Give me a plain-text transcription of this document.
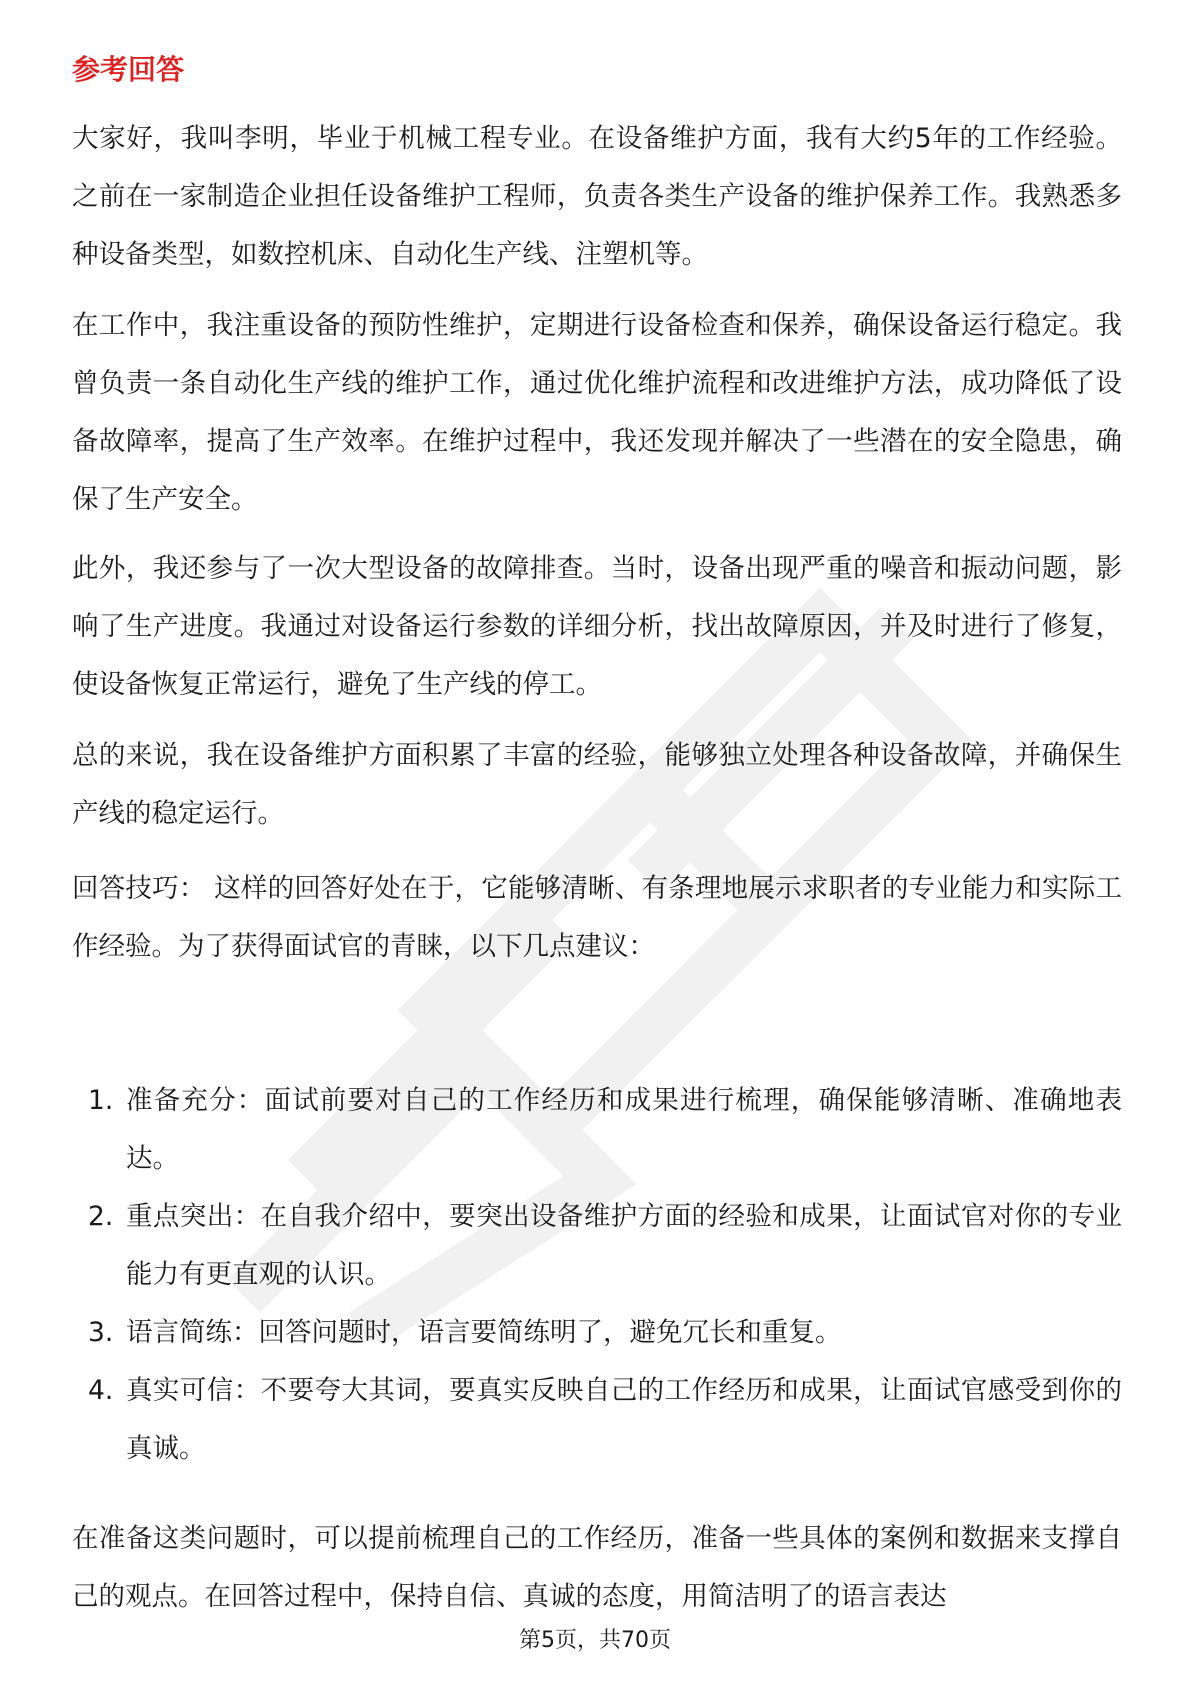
参考回答

大家好，我叫李明，毕业于机械工程专业。在设备维护方面，我有大约5年的工作经验。之前在一家制造企业担任设备维护工程师，负责各类生产设备的维护保养工作。我熟悉多种设备类型，如数控机床、自动化生产线、注塑机等。

在工作中，我注重设备的预防性维护，定期进行设备检查和保养，确保设备运行稳定。我曾负责一条自动化生产线的维护工作，通过优化维护流程和改进维护方法，成功降低了设备故障率，提高了生产效率。在维护过程中，我还发现并解决了一些潜在的安全隐患，确保了生产安全。

此外，我还参与了一次大型设备的故障排查。当时，设备出现严重的噪音和振动问题，影响了生产进度。我通过对设备运行参数的详细分析，找出故障原因，并及时进行了修复，使设备恢复正常运行，避免了生产线的停工。

总的来说，我在设备维护方面积累了丰富的经验，能够独立处理各种设备故障，并确保生产线的稳定运行。

回答技巧： 这样的回答好处在于，它能够清晰、有条理地展示求职者的专业能力和实际工作经验。为了获得面试官的青睐，以下几点建议：

1. 准备充分：面试前要对自己的工作经历和成果进行梳理，确保能够清晰、准确地表达。
2. 重点突出：在自我介绍中，要突出设备维护方面的经验和成果，让面试官对你的专业能力有更直观的认识。
3. 语言简练：回答问题时，语言要简练明了，避免冗长和重复。
4. 真实可信：不要夸大其词，要真实反映自己的工作经历和成果，让面试官感受到你的真诚。

在准备这类问题时，可以提前梳理自己的工作经历，准备一些具体的案例和数据来支撑自己的观点。在回答过程中，保持自信、真诚的态度，用简洁明了的语言表达

第5页，共70页
